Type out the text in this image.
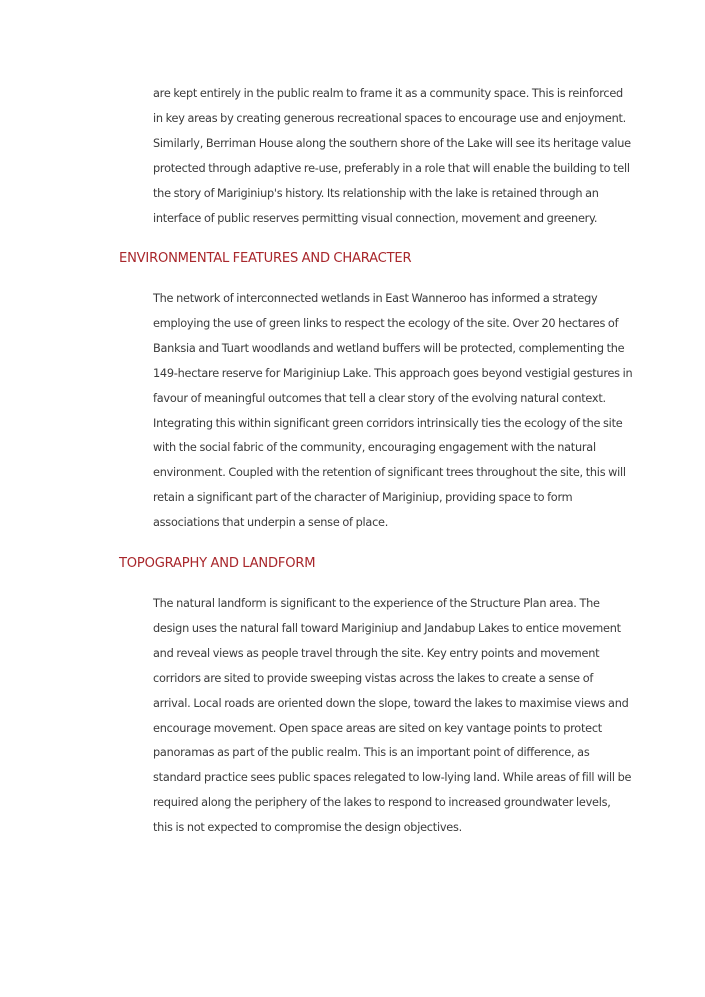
are kept entirely in the public realm to frame it as a community space. This is reinforced in key areas by creating generous recreational spaces to encourage use and enjoyment. Similarly, Berriman House along the southern shore of the Lake will see its heritage value protected through adaptive re-use, preferably in a role that will enable the building to tell the story of Mariginiup's history. Its relationship with the lake is retained through an interface of public reserves permitting visual connection, movement and greenery.

ENVIRONMENTAL FEATURES AND CHARACTER

The network of interconnected wetlands in East Wanneroo has informed a strategy employing the use of green links to respect the ecology of the site. Over 20 hectares of Banksia and Tuart woodlands and wetland buffers will be protected, complementing the 149-hectare reserve for Mariginiup Lake. This approach goes beyond vestigial gestures in favour of meaningful outcomes that tell a clear story of the evolving natural context. Integrating this within significant green corridors intrinsically ties the ecology of the site with the social fabric of the community, encouraging engagement with the natural environment. Coupled with the retention of significant trees throughout the site, this will retain a significant part of the character of Mariginiup, providing space to form associations that underpin a sense of place.

TOPOGRAPHY AND LANDFORM

The natural landform is significant to the experience of the Structure Plan area. The design uses the natural fall toward Mariginiup and Jandabup Lakes to entice movement and reveal views as people travel through the site. Key entry points and movement corridors are sited to provide sweeping vistas across the lakes to create a sense of arrival. Local roads are oriented down the slope, toward the lakes to maximise views and encourage movement. Open space areas are sited on key vantage points to protect panoramas as part of the public realm. This is an important point of difference, as standard practice sees public spaces relegated to low-lying land. While areas of fill will be required along the periphery of the lakes to respond to increased groundwater levels, this is not expected to compromise the design objectives.
